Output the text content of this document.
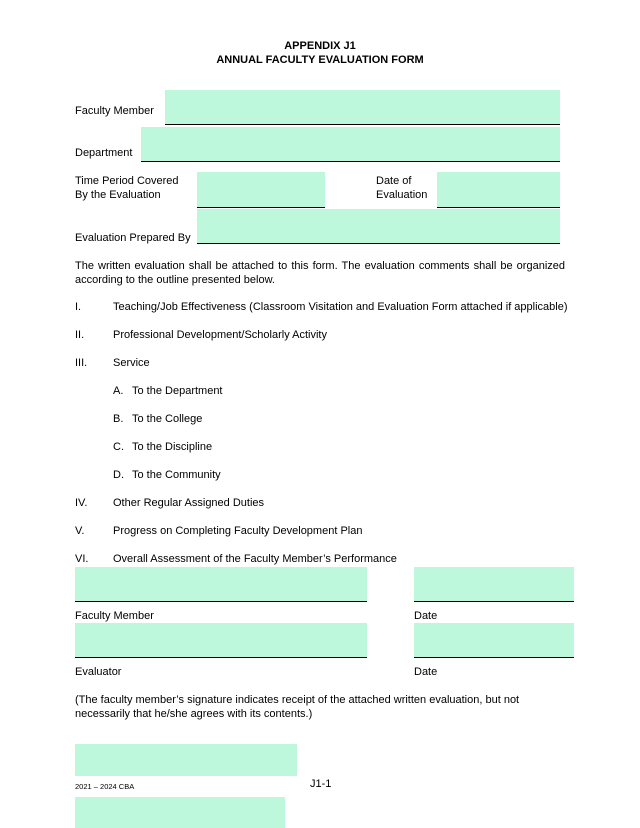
APPENDIX J1
ANNUAL FACULTY EVALUATION FORM
Faculty Member
Department
Time Period Covered
By the Evaluation
Date of
Evaluation
Evaluation Prepared By
The written evaluation shall be attached to this form. The evaluation comments shall be organized according to the outline presented below.
I.	Teaching/Job Effectiveness (Classroom Visitation and Evaluation Form attached if applicable)
II.	Professional Development/Scholarly Activity
III. Service
A. To the Department
B. To the College
C. To the Discipline
D. To the Community
IV. Other Regular Assigned Duties
V.	Progress on Completing Faculty Development Plan
VI. Overall Assessment of the Faculty Member’s Performance
Faculty Member	Date
Evaluator	Date
(The faculty member’s signature indicates receipt of the attached written evaluation, but not necessarily that he/she agrees with its contents.)
2021 – 2024 CBA	J1-1
